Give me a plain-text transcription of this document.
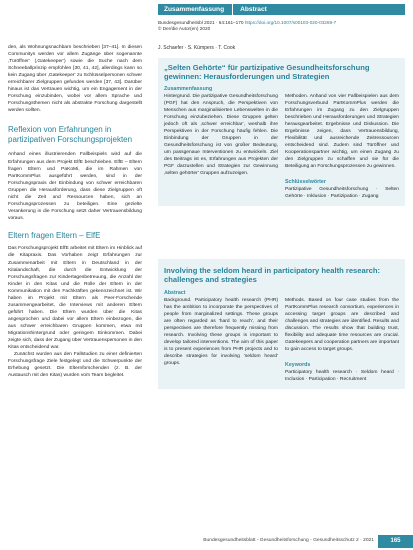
den, als Wohnungsnachbarn beschrieben [37–41]. In diesen Communitys werden vor allem Zugänge über sogenannte ‚Türöffner‘ (‚Gatekeeper‘) sowie die Suche nach dem Schneeballprinzip empfohlen [30, 41, 42], allerdings kann so kein Zugang über ‚Gatekeeper‘ zu Schlüsselpersonen schwer erreichbarer Zielgruppen gefunden werden [37, 43]. Darüber hinaus ist das Vertrauen wichtig, um ein Engagement in der Forschung einzubinden, wobei vor allem Sprache und Forschungsthemen nicht als abstrakte Forschung dargestellt werden sollten.

Reflexion von Erfahrungen in partizipativen Forschungsprojekten

Anhand eines illustrierenden Fallbeispiels wird auf die Erfahrungen aus dem Projekt ElfE beschrieben. ElfE – Eltern fragen Eltern und PaKoMi, die im Rahmen von PartKommPlus ausgeführt werden, sind in der Forschungspraxis der Einbindung von schwer erreichbaren Gruppen die Herausforderung, dass diese Zielgruppen oft nicht die Zeit und Ressourcen haben, sich an Forschungsprozessen zu beteiligen. Eine gezielte Verankerung in die Forschung setzt daher Vertrauensbildung voraus.

Eltern fragen Eltern – ElfE

Das Forschungsprojekt ElfE arbeitet mit Eltern im Hinblick auf die Kitapraxis. Das Vorhaben zeigt Erfahrungen zur Zusammenarbeit mit Eltern in Deutschland in der Kitalandschaft, die durch die Entwicklung der Forschungsfragen zur Kindertagesbetreuung, die Anzahl der Kinder in den Kitas und die Rolle der Eltern in der Kommunikation mit den Fachkräften gekennzeichnet ist. Wir haben im Projekt mit Eltern als Peer-Forschende zusammengearbeitet, die Interviews mit anderen Eltern geführt haben. Die Eltern wurden über die Kitas angesprochen und dabei vor allem Eltern einbezogen, die aus schwer erreichbaren Gruppen kommen, etwa mit Migrationshintergrund oder geringem Einkommen. Dabei zeigte sich, dass der Zugang über Vertrauenspersonen in den Kitas entscheidend war.

Zunächst wurden aus den Fallstudien zu einer definierten Forschungsfrage Ziele festgelegt und die Schwerpunkte der Erhebung gesetzt. Die Elternforschenden (z. B. der Austausch mit den Kitas) wurden vom Team begleitet.

Zusammenfassung Abstract

Bundesgesundheitsbl 2021 · 64:161–170 https://doi.org/10.1007/s00103-020-03269-7
© Der/die Autor(en) 2020

J. Schaefer · S. Kümpers · T. Cook

„Selten Gehörte“ für partizipative Gesundheitsforschung gewinnen: Herausforderungen und Strategien
Zusammenfassung

Hintergrund. Die partizipative Gesundheitsforschung (PGF) hat den Anspruch, die Perspektiven von Menschen aus marginalisierten Lebenswelten in die Forschung einzubeziehen. Diese Gruppen gelten jedoch oft als ‚schwer erreichbar‘, weshalb ihre Perspektiven in der Forschung häufig fehlen. Die Einbindung der Gruppen in der Gesundheitsforschung ist von großer Bedeutung, um passgenaue Interventionen zu entwickeln. Ziel des Beitrags ist es, Erfahrungen aus Projekten der PGF darzustellen und Strategien zur Gewinnung ‚selten gehörter‘ Gruppen aufzuzeigen.

Methoden. Anhand von vier Fallbeispielen aus dem Forschungsverbund PartKommPlus werden die Erfahrungen im Zugang zu den Zielgruppen beschrieben und Herausforderungen und Strategien herausgearbeitet. Ergebnisse und Diskussion. Die Ergebnisse zeigen, dass Vertrauensbildung, Flexibilität und ausreichende Zeitressourcen entscheidend sind. Zudem sind Türöffner und Kooperationspartner wichtig, um einen Zugang zu den Zielgruppen zu schaffen und sie für die Beteiligung an Forschungsprozessen zu gewinnen.

Schlüsselwörter

Partizipative Gesundheitsforschung · Selten Gehörte · Inklusion · Partizipation · Zugang

Involving the seldom heard in participatory health research: challenges and strategies
Abstract

Background. Participatory health research (PHR) has the ambition to incorporate the perspectives of people from marginalized settings. These groups are often regarded as ‘hard to reach’, and their perspectives are therefore frequently missing from research. Involving these groups is important to develop tailored interventions. The aim of this paper is to present experiences from PHR projects and to describe strategies for involving ‘seldom heard’ groups.

Methods. Based on four case studies from the PartKommPlus research consortium, experiences in accessing target groups are described and challenges and strategies are identified. Results and discussion. The results show that building trust, flexibility and adequate time resources are crucial. Gatekeepers and cooperation partners are important to gain access to target groups.

Keywords

Participatory health research · Seldom heard · Inclusion · Participation · Recruitment

Bundesgesundheitsblatt - Gesundheitsforschung - Gesundheitsschutz 2 · 2021	165
